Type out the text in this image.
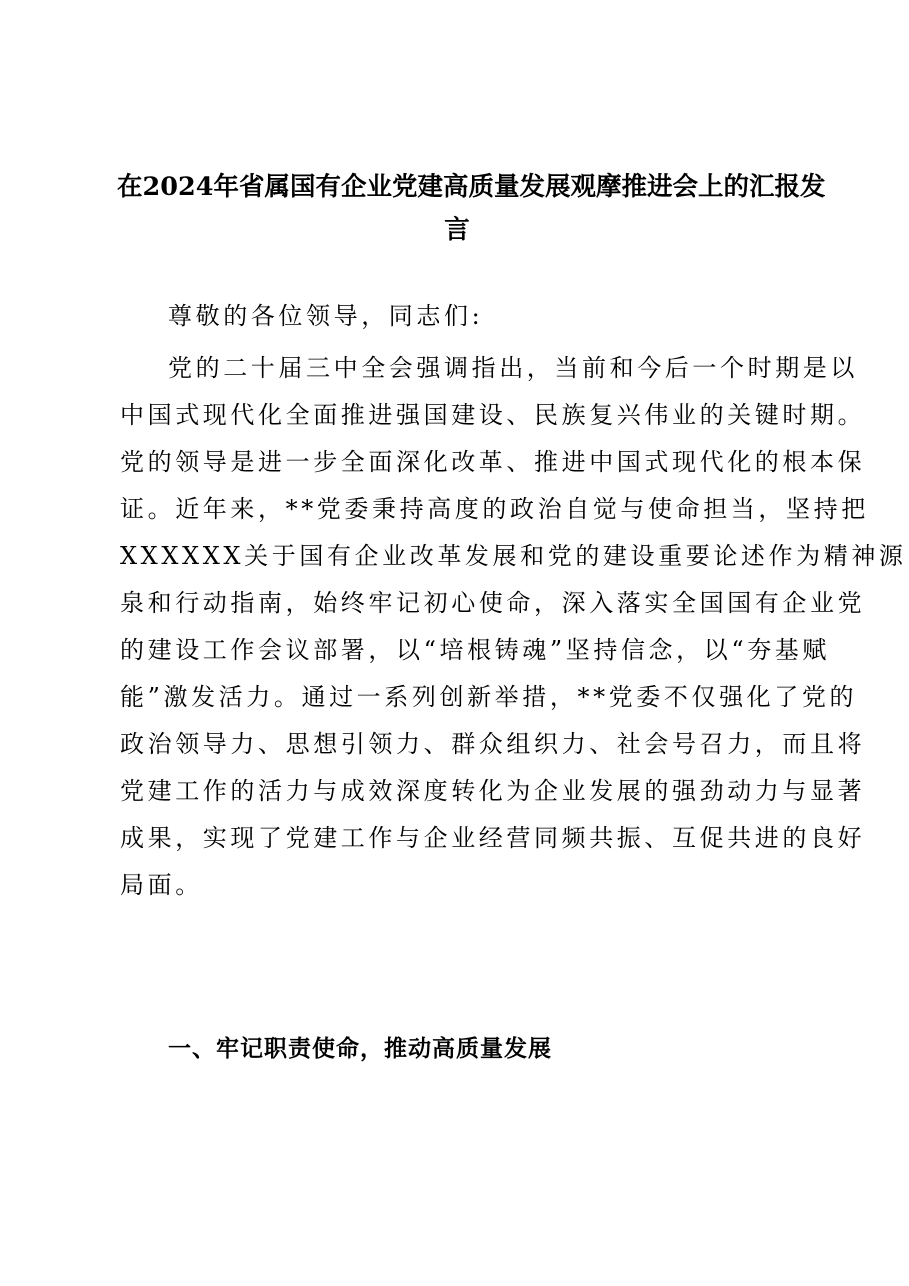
在2024年省属国有企业党建高质量发展观摩推进会上的汇报发
言
尊敬的各位领导，同志们:
党的二十届三中全会强调指出，当前和今后一个时期是以
中国式现代化全面推进强国建设、民族复兴伟业的关键时期。
党的领导是进一步全面深化改革、推进中国式现代化的根本保
证。近年来，**党委秉持高度的政治自觉与使命担当，坚持把
XXXXXX关于国有企业改革发展和党的建设重要论述作为精神源
泉和行动指南，始终牢记初心使命，深入落实全国国有企业党
的建设工作会议部署，以“培根铸魂”坚持信念，以“夯基赋
能”激发活力。通过一系列创新举措，**党委不仅强化了党的
政治领导力、思想引领力、群众组织力、社会号召力，而且将
党建工作的活力与成效深度转化为企业发展的强劲动力与显著
成果，实现了党建工作与企业经营同频共振、互促共进的良好
局面。
一、牢记职责使命，推动高质量发展
